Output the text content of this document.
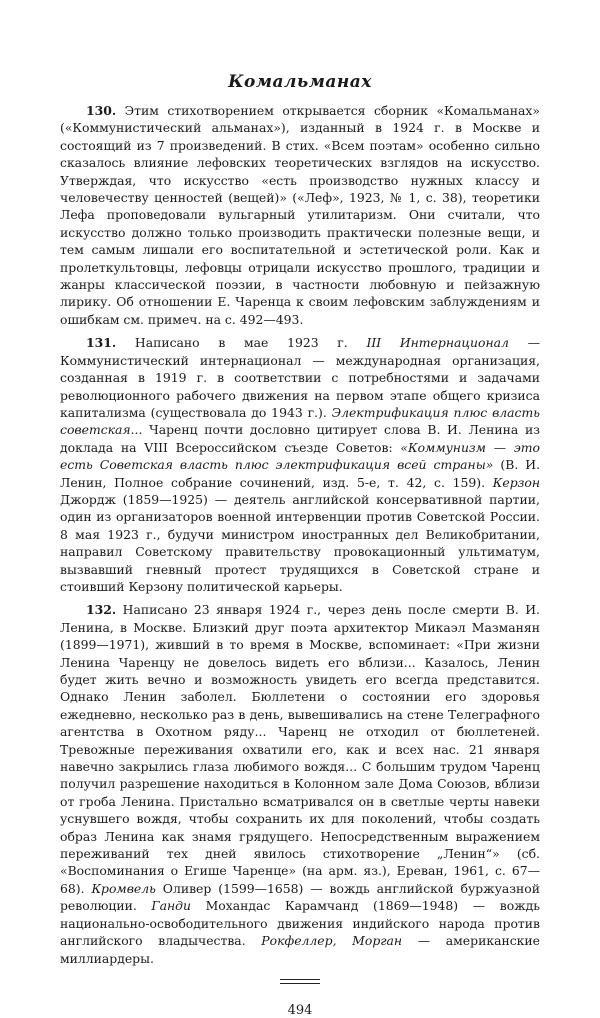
Комальманах

130. Этим стихотворением открывается сборник «Комальманах» («Коммунистический альманах»), изданный в 1924 г. в Москве и состоящий из 7 произведений. В стих. «Всем поэтам» особенно сильно сказалось влияние лефовских теоретических взглядов на искусство. Утверждая, что искусство «есть производство нужных классу и человечеству ценностей (вещей)» («Леф», 1923, № 1, с. 38), теоретики Лефа проповедовали вульгарный утилитаризм. Они считали, что искусство должно только производить практически полезные вещи, и тем самым лишали его воспитательной и эстетической роли. Как и пролеткультовцы, лефовцы отрицали искусство прошлого, традиции и жанры классической поэзии, в частности любовную и пейзажную лирику. Об отношении Е. Чаренца к своим лефовским заблуждениям и ошибкам см. примеч. на с. 492—493.

131. Написано в мае 1923 г. III Интернационал — Коммунистический интернационал — международная организация, созданная в 1919 г. в соответствии с потребностями и задачами революционного рабочего движения на первом этапе общего кризиса капитализма (существовала до 1943 г.). Электрификация плюс власть советская... Чаренц почти дословно цитирует слова В. И. Ленина из доклада на VIII Всероссийском съезде Советов: «Коммунизм — это есть Советская власть плюс электрификация всей страны» (В. И. Ленин, Полное собрание сочинений, изд. 5-е, т. 42, с. 159). Керзон Джордж (1859—1925) — деятель английской консервативной партии, один из организаторов военной интервенции против Советской России. 8 мая 1923 г., будучи министром иностранных дел Великобритании, направил Советскому правительству провокационный ультиматум, вызвавший гневный протест трудящихся в Советской стране и стоивший Керзону политической карьеры.

132. Написано 23 января 1924 г., через день после смерти В. И. Ленина, в Москве. Близкий друг поэта архитектор Микаэл Мазманян (1899—1971), живший в то время в Москве, вспоминает: «При жизни Ленина Чаренцу не довелось видеть его вблизи... Казалось, Ленин будет жить вечно и возможность увидеть его всегда представится. Однако Ленин заболел. Бюллетени о состоянии его здоровья ежедневно, несколько раз в день, вывешивались на стене Телеграфного агентства в Охотном ряду... Чаренц не отходил от бюллетеней. Тревожные переживания охватили его, как и всех нас. 21 января навечно закрылись глаза любимого вождя... С большим трудом Чаренц получил разрешение находиться в Колонном зале Дома Союзов, вблизи от гроба Ленина. Пристально всматривался он в светлые черты навеки уснувшего вождя, чтобы сохранить их для поколений, чтобы создать образ Ленина как знамя грядущего. Непосредственным выражением переживаний тех дней явилось стихотворение „Ленин“» (сб. «Воспоминания о Егише Чаренце» (на арм. яз.), Ереван, 1961, с. 67—68). Кромвель Оливер (1599—1658) — вождь английской буржуазной революции. Ганди Мохандас Карамчанд (1869—1948) — вождь национально-освободительного движения индийского народа против английского владычества. Рокфеллер, Морган — американские миллиардеры.

494
